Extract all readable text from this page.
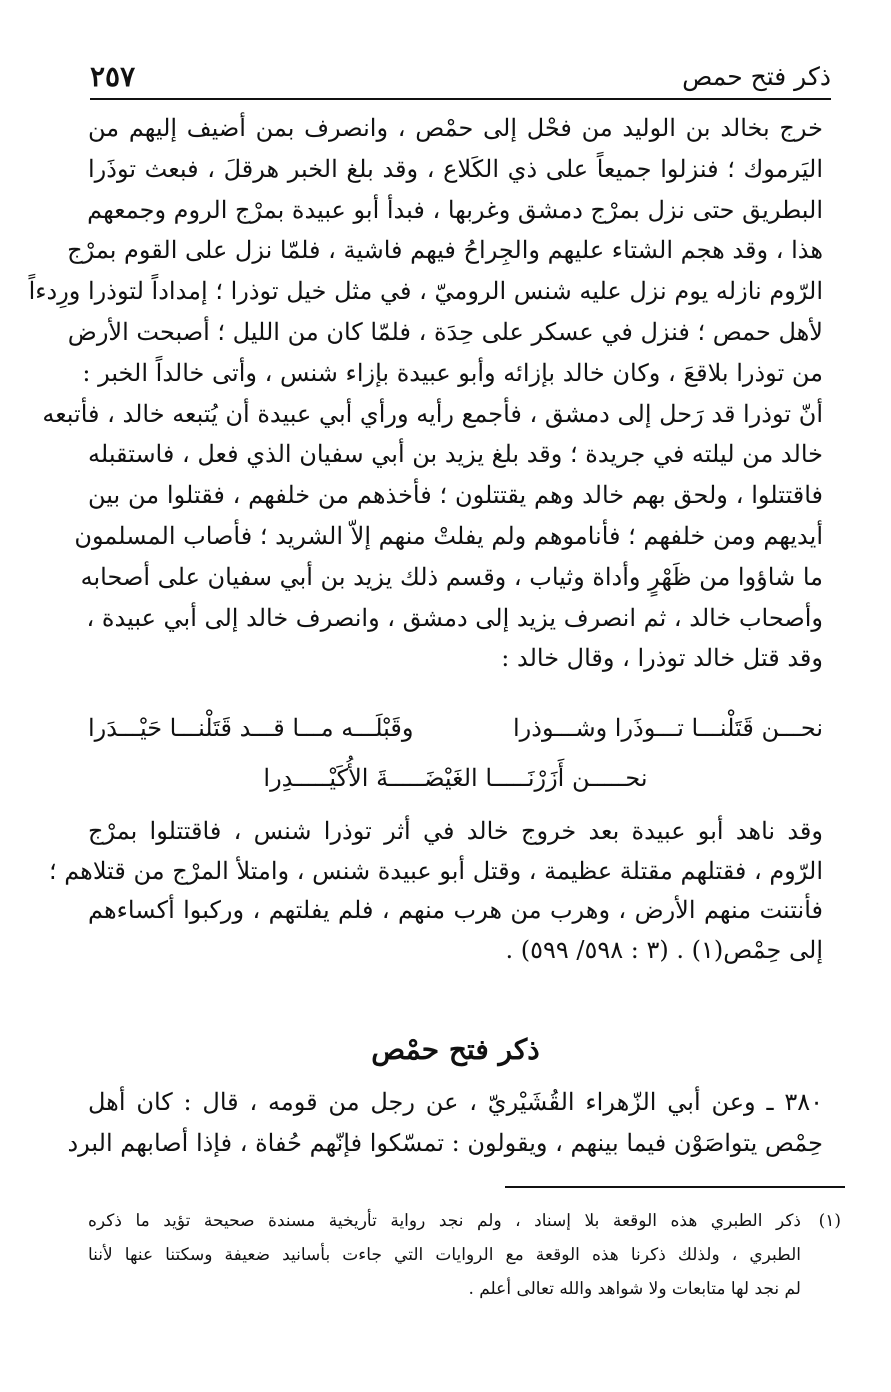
٢٥٧	ذكر فتح حمص
خرج بخالد بن الوليد من فحْل إلى حمْص ، وانصرف بمن أضيف إليهم من
اليَرموك ؛ فنزلوا جميعاً على ذي الكَلاع ، وقد بلغ الخبر هرقلَ ، فبعث توذَرا
البطريق حتى نزل بمرْج دمشق وغربها ، فبدأ أبو عبيدة بمرْج الروم وجمعهم
هذا ، وقد هجم الشتاء عليهم والجِراحُ فيهم فاشية ، فلمّا نزل على القوم بمرْج
الرّوم نازله يوم نزل عليه شنس الروميّ ، في مثل خيل توذرا ؛ إمداداً لتوذرا ورِدءاً
لأهل حمص ؛ فنزل في عسكر على حِدَة ، فلمّا كان من الليل ؛ أصبحت الأرض
من توذرا بلاقعَ ، وكان خالد بإزائه وأبو عبيدة بإزاء شنس ، وأتى خالداً الخبر :
أنّ توذرا قد رَحل إلى دمشق ، فأجمع رأيه ورأي أبي عبيدة أن يُتبعه خالد ، فأتبعه
خالد من ليلته في جريدة ؛ وقد بلغ يزيد بن أبي سفيان الذي فعل ، فاستقبله
فاقتتلوا ، ولحق بهم خالد وهم يقتتلون ؛ فأخذهم من خلفهم ، فقتلوا من بين
أيديهم ومن خلفهم ؛ فأناموهم ولم يفلتْ منهم إلاّ الشريد ؛ فأصاب المسلمون
ما شاؤوا من ظَهْرٍ وأداة وثياب ، وقسم ذلك يزيد بن أبي سفيان على أصحابه
وأصحاب خالد ، ثم انصرف يزيد إلى دمشق ، وانصرف خالد إلى أبي عبيدة ،
وقد قتل خالد توذرا ، وقال خالد :
نحـــن قَتَلْنـــا تـــوذَرا وشـــوذرا
وقَبْلَـــه مـــا قـــد قَتَلْنـــا حَيْـــدَرا
نحـــــن أَزَرْنَـــــا الغَيْضَـــــةَ الأُكَيْـــــدِرا
وقد ناهد أبو عبيدة بعد خروج خالد في أثر توذرا شنس ، فاقتتلوا بمرْج
الرّوم ، فقتلهم مقتلة عظيمة ، وقتل أبو عبيدة شنس ، وامتلأ المرْج من قتلاهم ؛
فأنتنت منهم الأرض ، وهرب من هرب منهم ، فلم يفلتهم ، وركبوا أكساءهم
إلى حِمْص(١) . (٣ : ٥٩٨/ ٥٩٩) .
ذكر فتح حمْص
٣٨٠ ـ وعن أبي الزّهراء القُشَيْريّ ، عن رجل من قومه ، قال : كان أهل
حِمْص يتواصَوْن فيما بينهم ، ويقولون : تمسّكوا فإنّهم حُفاة ، فإذا أصابهم البرد
(١)
ذكر الطبري هذه الوقعة بلا إسناد ، ولم نجد رواية تأريخية مسندة صحيحة تؤيد ما ذكره
الطبري ، ولذلك ذكرنا هذه الوقعة مع الروايات التي جاءت بأسانيد ضعيفة وسكتنا عنها لأننا
لم نجد لها متابعات ولا شواهد والله تعالى أعلم .
